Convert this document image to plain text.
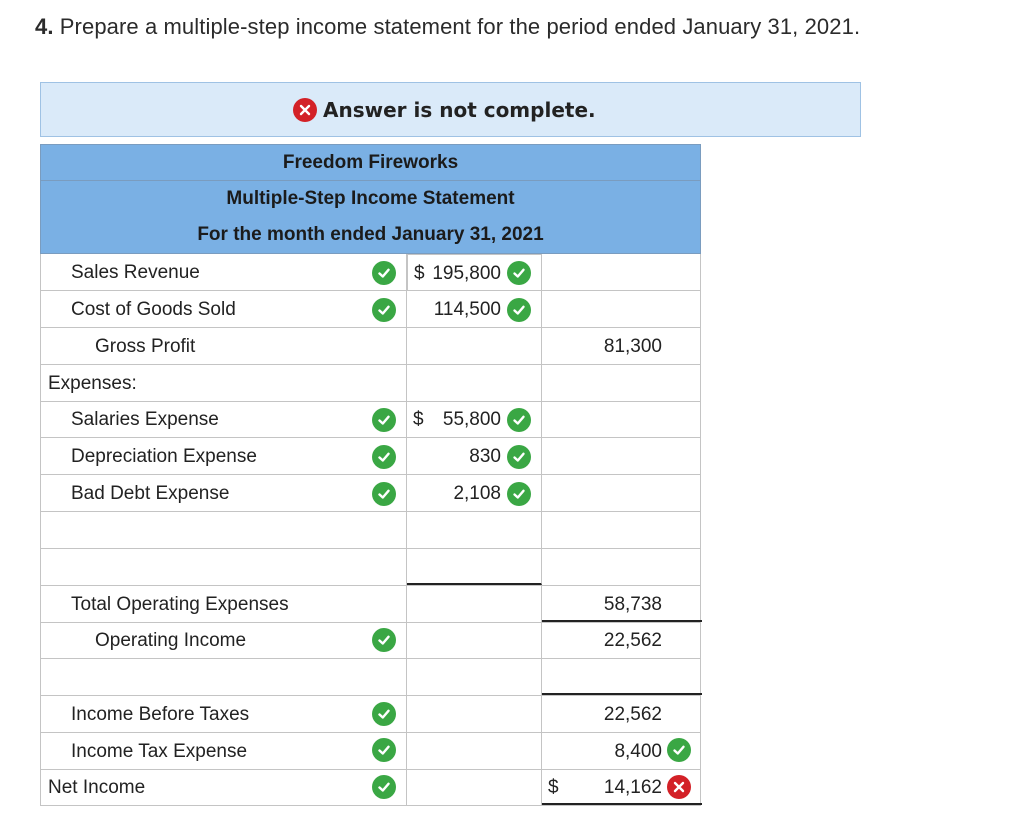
4. Prepare a multiple-step income statement for the period ended January 31, 2021.
Answer is not complete.
Freedom Fireworks
Multiple-Step Income Statement
For the month ended January 31, 2021
Sales Revenue	$ 195,800
Cost of Goods Sold	114,500
Gross Profit	81,300
Expenses:
Salaries Expense	$ 55,800
Depreciation Expense	830
Bad Debt Expense	2,108
Total Operating Expenses	58,738
Operating Income	22,562
Income Before Taxes	22,562
Income Tax Expense	8,400
Net Income	$ 14,162
